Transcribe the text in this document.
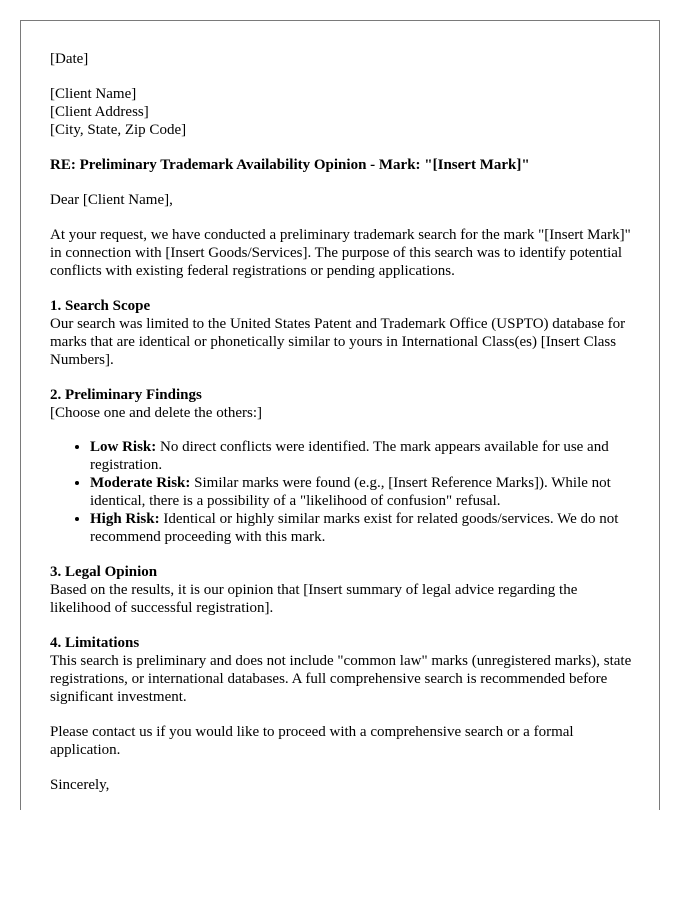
[Date]

[Client Name]

[Client Address]

[City, State, Zip Code]

RE: Preliminary Trademark Availability Opinion - Mark: "[Insert Mark]"

Dear [Client Name],

At your request, we have conducted a preliminary trademark search for the mark "[Insert Mark]" in connection with [Insert Goods/Services]. The purpose of this search was to identify potential conflicts with existing federal registrations or pending applications.

1. Search Scope

Our search was limited to the United States Patent and Trademark Office (USPTO) database for marks that are identical or phonetically similar to yours in International Class(es) [Insert Class Numbers].

2. Preliminary Findings

[Choose one and delete the others:]

• Low Risk: No direct conflicts were identified. The mark appears available for use and registration.
• Moderate Risk: Similar marks were found (e.g., [Insert Reference Marks]). While not identical, there is a possibility of a "likelihood of confusion" refusal.
• High Risk: Identical or highly similar marks exist for related goods/services. We do not recommend proceeding with this mark.

3. Legal Opinion

Based on the results, it is our opinion that [Insert summary of legal advice regarding the likelihood of successful registration].

4. Limitations

This search is preliminary and does not include "common law" marks (unregistered marks), state registrations, or international databases. A full comprehensive search is recommended before significant investment.

Please contact us if you would like to proceed with a comprehensive search or a formal application.

Sincerely,
